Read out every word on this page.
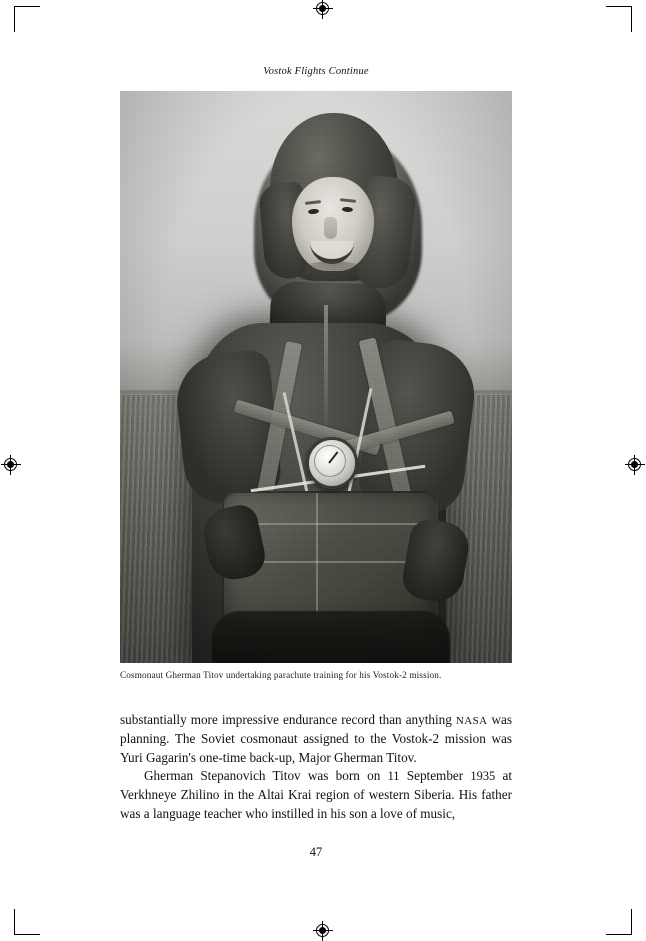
Vostok Flights Continue
Cosmonaut Gherman Titov undertaking parachute training for his Vostok-2 mission.

substantially more impressive endurance record than anything NASA was planning. The Soviet cosmonaut assigned to the Vostok-2 mission was Yuri Gagarin's one-time back-up, Major Gherman Titov.

Gherman Stepanovich Titov was born on 11 September 1935 at Verkhneye Zhilino in the Altai Krai region of western Siberia. His father was a language teacher who instilled in his son a love of music,

47
